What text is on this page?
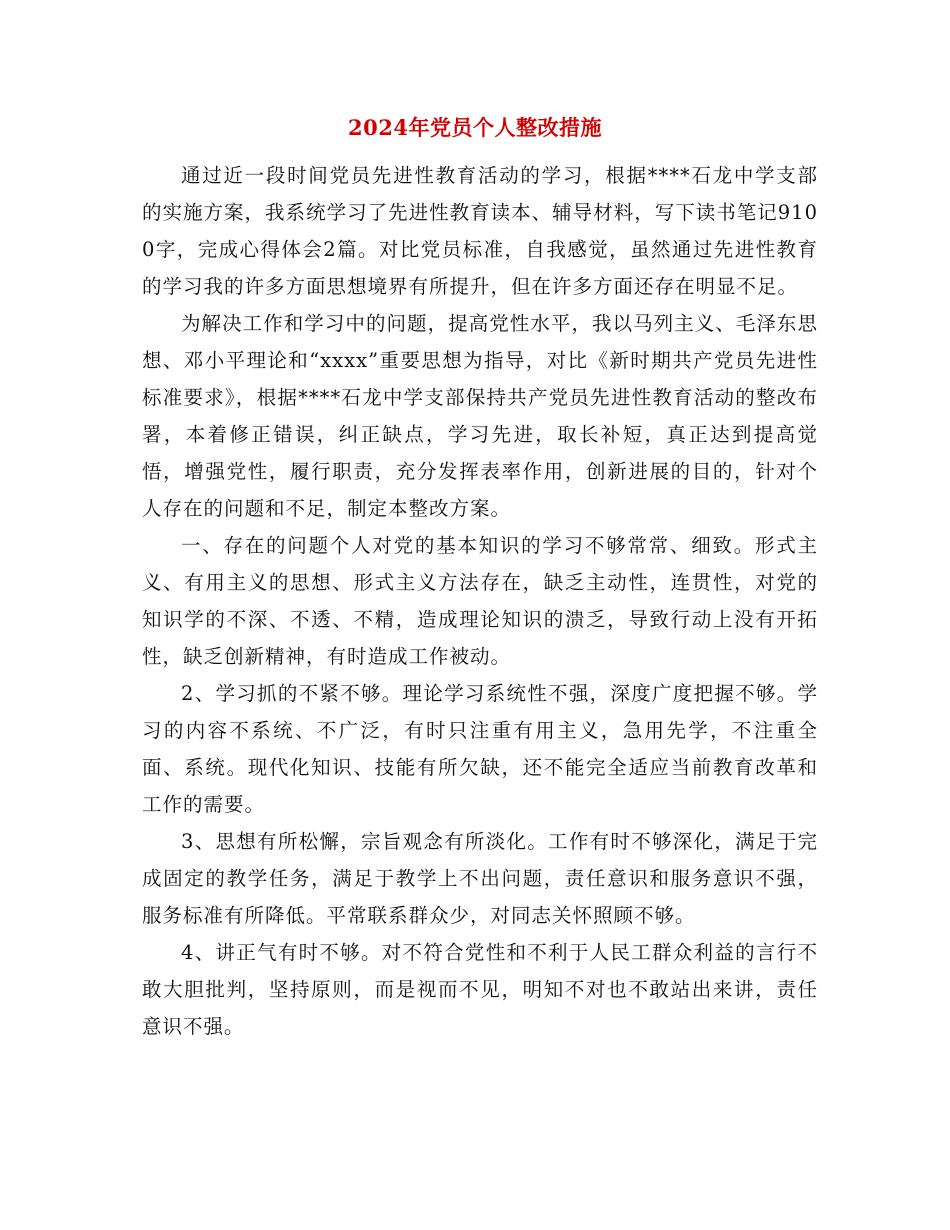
2024年党员个人整改措施

通过近一段时间党员先进性教育活动的学习，根据****石龙中学支部的实施方案，我系统学习了先进性教育读本、辅导材料，写下读书笔记9100字，完成心得体会2篇。对比党员标准，自我感觉，虽然通过先进性教育的学习我的许多方面思想境界有所提升，但在许多方面还存在明显不足。

为解决工作和学习中的问题，提高党性水平，我以马列主义、毛泽东思想、邓小平理论和“xxxx”重要思想为指导，对比《新时期共产党员先进性标准要求》，根据****石龙中学支部保持共产党员先进性教育活动的整改布署，本着修正错误，纠正缺点，学习先进，取长补短，真正达到提高觉悟，增强党性，履行职责，充分发挥表率作用，创新进展的目的，针对个人存在的问题和不足，制定本整改方案。

一、存在的问题个人对党的基本知识的学习不够常常、细致。形式主义、有用主义的思想、形式主义方法存在，缺乏主动性，连贯性，对党的知识学的不深、不透、不精，造成理论知识的溃乏，导致行动上没有开拓性，缺乏创新精神，有时造成工作被动。

2、学习抓的不紧不够。理论学习系统性不强，深度广度把握不够。学习的内容不系统、不广泛，有时只注重有用主义，急用先学，不注重全面、系统。现代化知识、技能有所欠缺，还不能完全适应当前教育改革和工作的需要。

3、思想有所松懈，宗旨观念有所淡化。工作有时不够深化，满足于完成固定的教学任务，满足于教学上不出问题，责任意识和服务意识不强，服务标准有所降低。平常联系群众少，对同志关怀照顾不够。

4、讲正气有时不够。对不符合党性和不利于人民工群众利益的言行不敢大胆批判，坚持原则，而是视而不见，明知不对也不敢站出来讲，责任意识不强。
